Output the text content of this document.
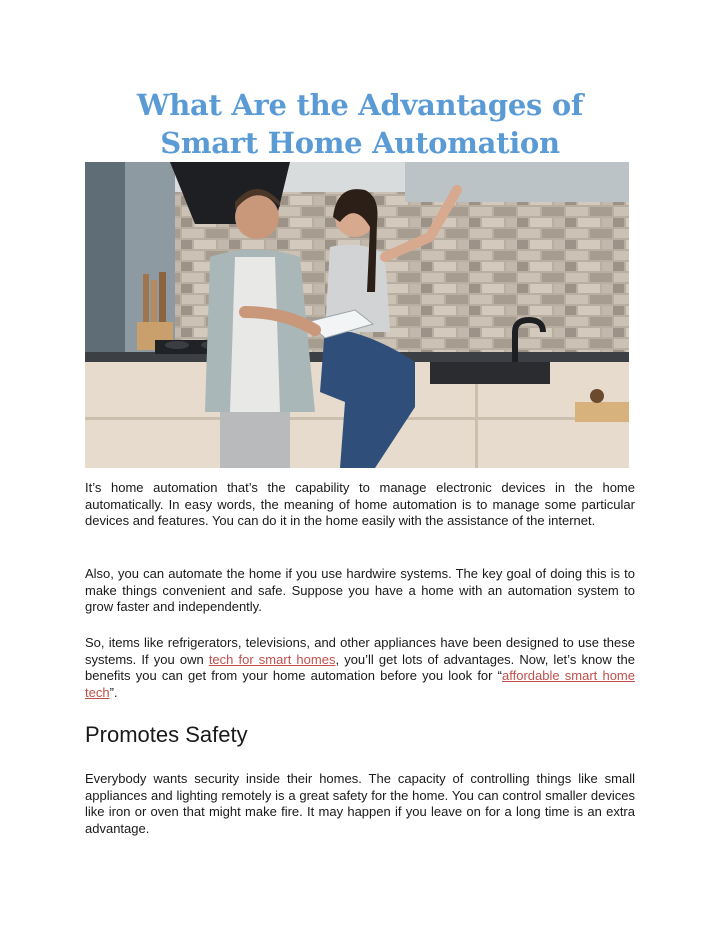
What Are the Advantages of
Smart Home Automation

It’s home automation that’s the capability to manage electronic devices in the home automatically. In easy words, the meaning of home automation is to manage some particular devices and features. You can do it in the home easily with the assistance of the internet.

Also, you can automate the home if you use hardwire systems. The key goal of doing this is to make things convenient and safe. Suppose you have a home with an automation system to grow faster and independently.

So, items like refrigerators, televisions, and other appliances have been designed to use these systems. If you own tech for smart homes, you’ll get lots of advantages. Now, let’s know the benefits you can get from your home automation before you look for “affordable smart home tech”.

Promotes Safety

Everybody wants security inside their homes. The capacity of controlling things like small appliances and lighting remotely is a great safety for the home. You can control smaller devices like iron or oven that might make fire. It may happen if you leave on for a long time is an extra advantage.
